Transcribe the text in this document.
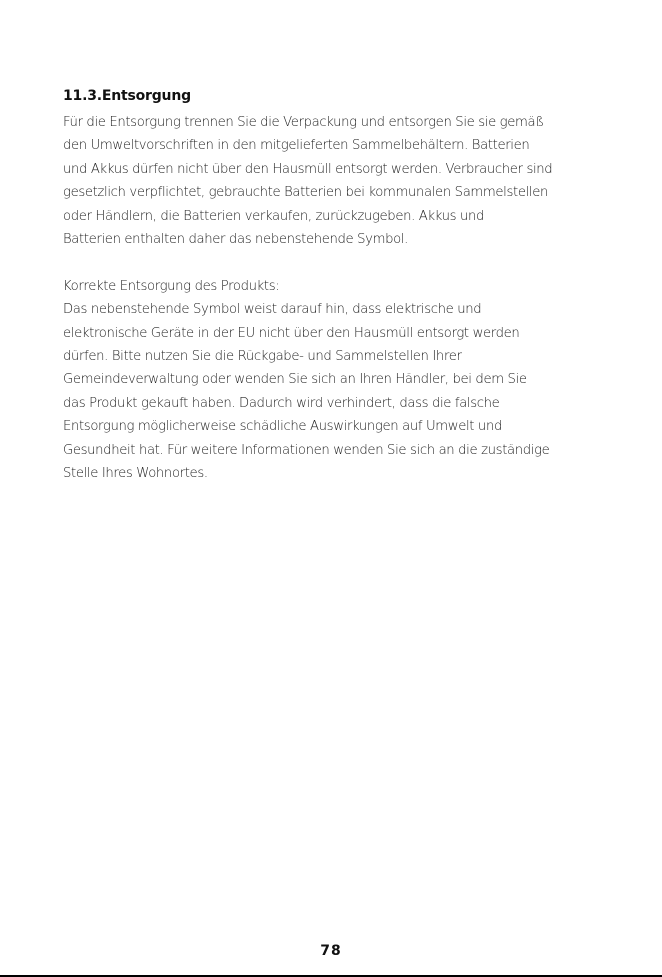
11.3.Entsorgung
Für die Entsorgung trennen Sie die Verpackung und entsorgen Sie sie gemäß
den Umweltvorschriften in den mitgelieferten Sammelbehältern. Batterien
und Akkus dürfen nicht über den Hausmüll entsorgt werden. Verbraucher sind
gesetzlich verpflichtet, gebrauchte Batterien bei kommunalen Sammelstellen
oder Händlern, die Batterien verkaufen, zurückzugeben. Akkus und
Batterien enthalten daher das nebenstehende Symbol.
Korrekte Entsorgung des Produkts:
Das nebenstehende Symbol weist darauf hin, dass elektrische und
elektronische Geräte in der EU nicht über den Hausmüll entsorgt werden
dürfen. Bitte nutzen Sie die Rückgabe- und Sammelstellen Ihrer
Gemeindeverwaltung oder wenden Sie sich an Ihren Händler, bei dem Sie
das Produkt gekauft haben. Dadurch wird verhindert, dass die falsche
Entsorgung möglicherweise schädliche Auswirkungen auf Umwelt und
Gesundheit hat. Für weitere Informationen wenden Sie sich an die zuständige
Stelle Ihres Wohnortes.
78
